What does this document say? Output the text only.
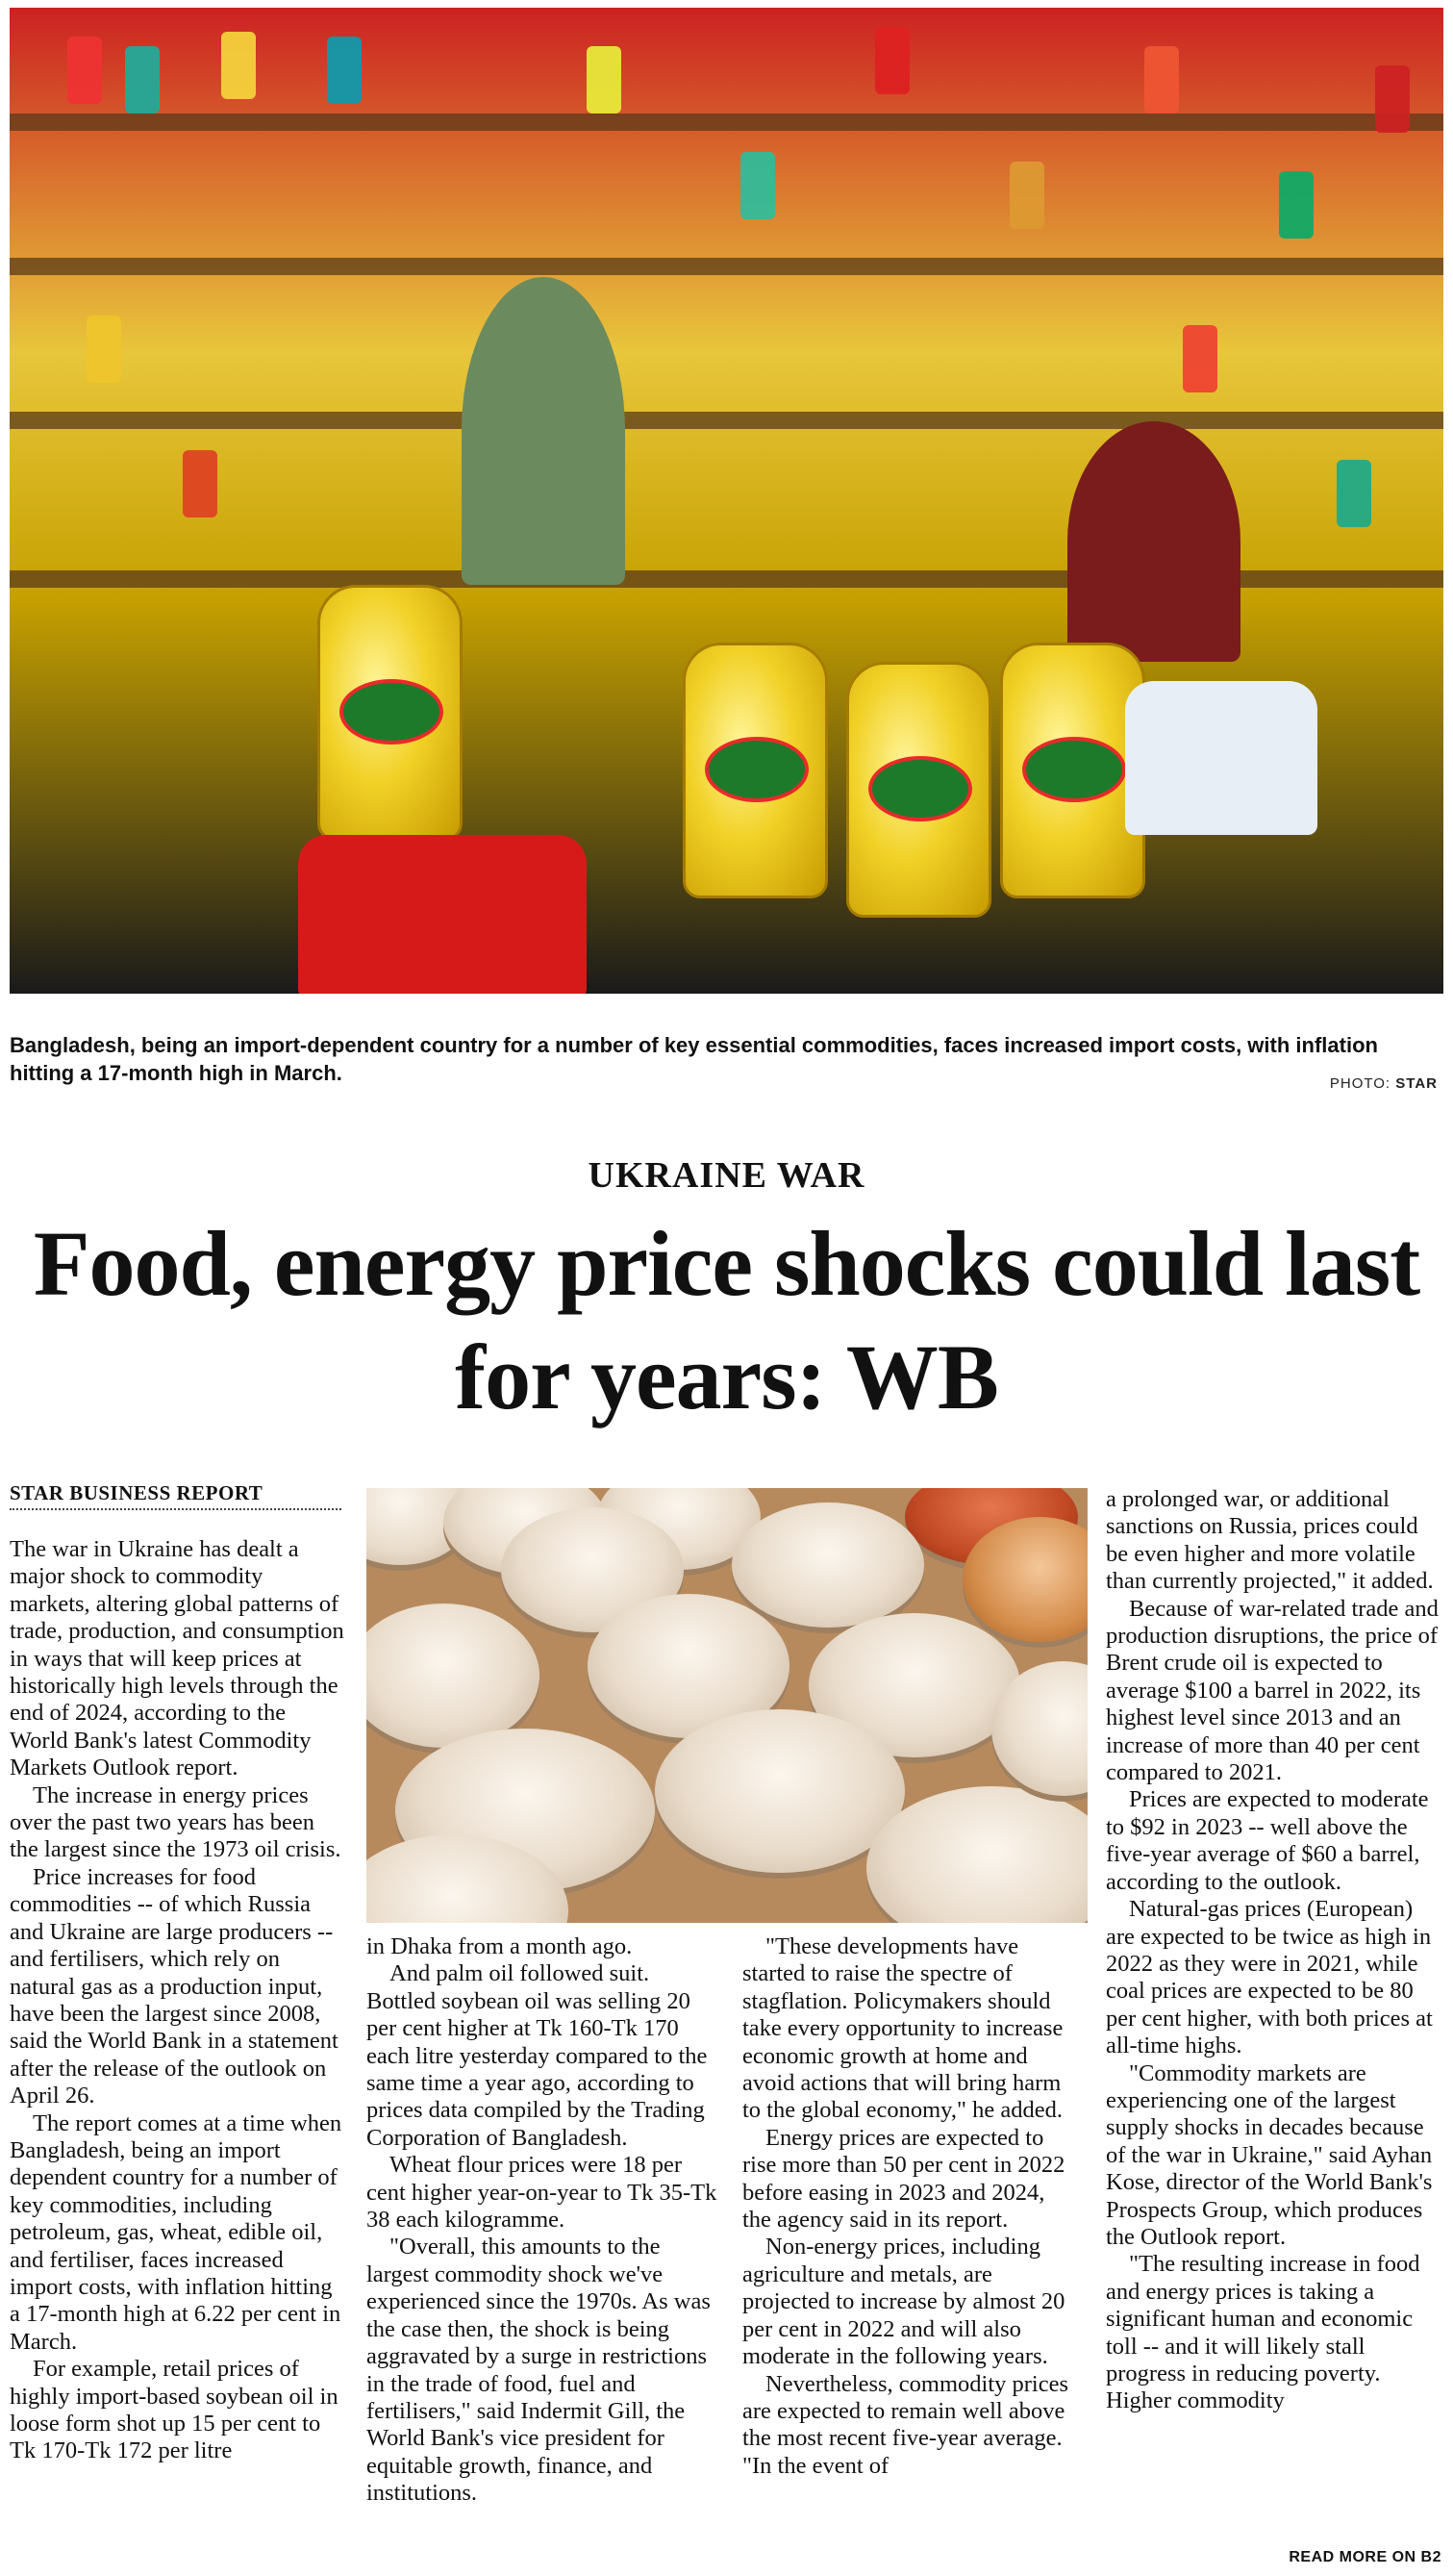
Bangladesh, being an import-dependent country for a number of key essential commodities, faces increased import costs, with inflation hitting a 17-month high in March.	PHOTO: STAR
UKRAINE WAR
Food, energy price shocks could last for years: WB
STAR BUSINESS REPORT

The war in Ukraine has dealt a major shock to commodity markets, altering global patterns of trade, production, and consumption in ways that will keep prices at historically high levels through the end of 2024, according to the World Bank's latest Commodity Markets Outlook report.

The increase in energy prices over the past two years has been the largest since the 1973 oil crisis.

Price increases for food commodities -- of which Russia and Ukraine are large producers -- and fertilisers, which rely on natural gas as a production input, have been the largest since 2008, said the World Bank in a statement after the release of the outlook on April 26.

The report comes at a time when Bangladesh, being an import dependent country for a number of key commodities, including petroleum, gas, wheat, edible oil, and fertiliser, faces increased import costs, with inflation hitting a 17-month high at 6.22 per cent in March.

For example, retail prices of highly import-based soybean oil in loose form shot up 15 per cent to Tk 170-Tk 172 per litre

in Dhaka from a month ago.

And palm oil followed suit. Bottled soybean oil was selling 20 per cent higher at Tk 160-Tk 170 each litre yesterday compared to the same time a year ago, according to prices data compiled by the Trading Corporation of Bangladesh.

Wheat flour prices were 18 per cent higher year-on-year to Tk 35-Tk 38 each kilogramme.

"Overall, this amounts to the largest commodity shock we've experienced since the 1970s. As was the case then, the shock is being aggravated by a surge in restrictions in the trade of food, fuel and fertilisers," said Indermit Gill, the World Bank's vice president for equitable growth, finance, and institutions.

"These developments have started to raise the spectre of stagflation. Policymakers should take every opportunity to increase economic growth at home and avoid actions that will bring harm to the global economy," he added.

Energy prices are expected to rise more than 50 per cent in 2022 before easing in 2023 and 2024, the agency said in its report.

Non-energy prices, including agriculture and metals, are projected to increase by almost 20 per cent in 2022 and will also moderate in the following years.

Nevertheless, commodity prices are expected to remain well above the most recent five-year average. "In the event of

a prolonged war, or additional sanctions on Russia, prices could be even higher and more volatile than currently projected," it added.

Because of war-related trade and production disruptions, the price of Brent crude oil is expected to average $100 a barrel in 2022, its highest level since 2013 and an increase of more than 40 per cent compared to 2021.

Prices are expected to moderate to $92 in 2023 -- well above the five-year average of $60 a barrel, according to the outlook.

Natural-gas prices (European) are expected to be twice as high in 2022 as they were in 2021, while coal prices are expected to be 80 per cent higher, with both prices at all-time highs.

"Commodity markets are experiencing one of the largest supply shocks in decades because of the war in Ukraine," said Ayhan Kose, director of the World Bank's Prospects Group, which produces the Outlook report.

"The resulting increase in food and energy prices is taking a significant human and economic toll -- and it will likely stall progress in reducing poverty. Higher commodity

READ MORE ON B2
